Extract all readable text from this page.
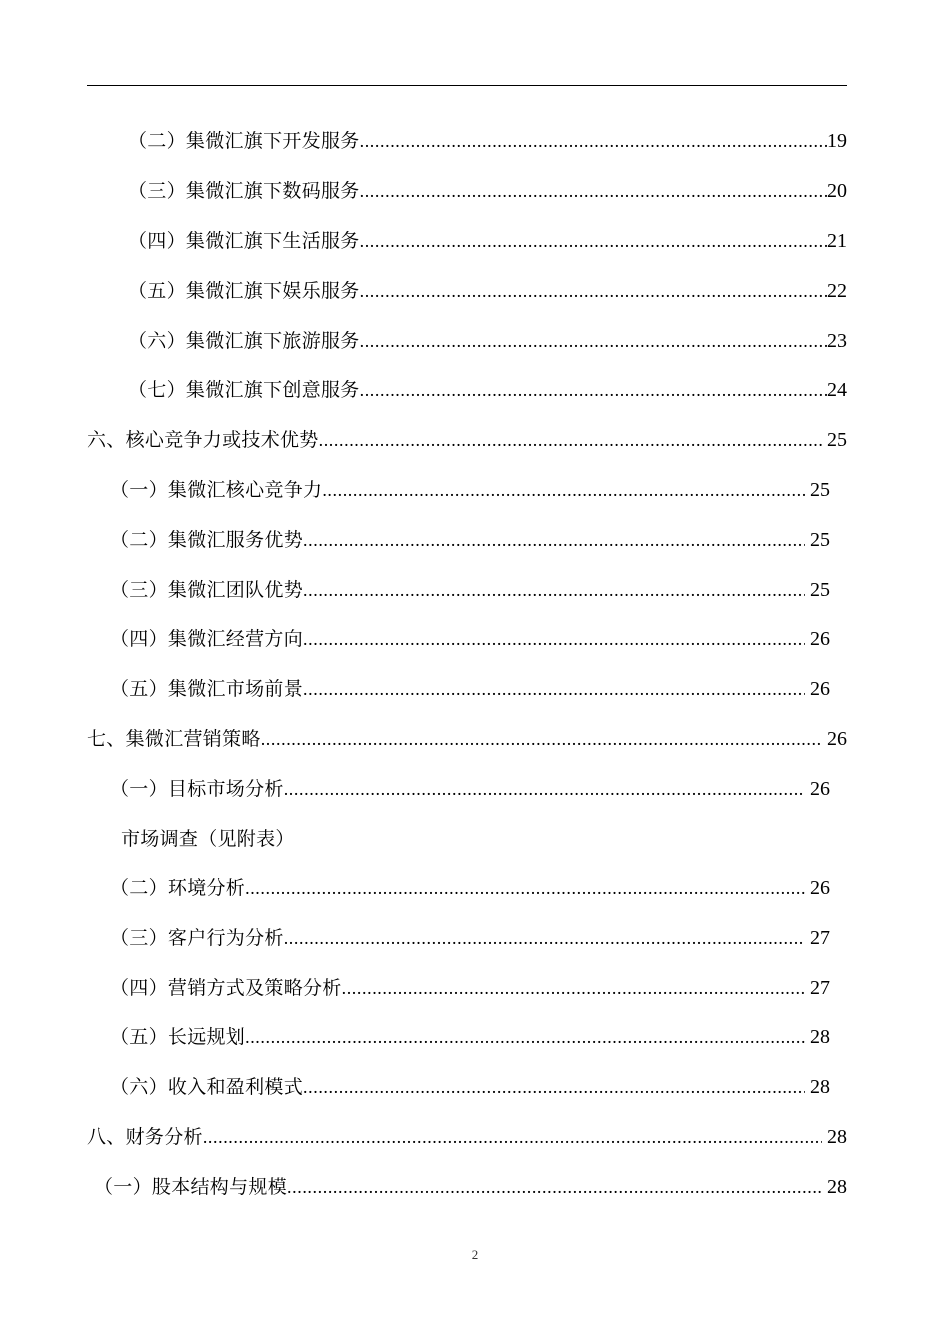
（二）集微汇旗下开发服务 .....	19
（三）集微汇旗下数码服务 .....	20
（四）集微汇旗下生活服务 .....	21
（五）集微汇旗下娱乐服务 .....	22
（六）集微汇旗下旅游服务 .....	23
（七）集微汇旗下创意服务 .....	24
六、核心竞争力或技术优势 .....	25
（一）集微汇核心竞争力 .....	25
（二）集微汇服务优势 .....	25
（三）集微汇团队优势 .....	25
（四）集微汇经营方向 .....	26
（五）集微汇市场前景 .....	26
七、集微汇营销策略 .....	26
（一）目标市场分析 .....	26
市场调查（见附表）
（二）环境分析 .....	26
（三）客户行为分析 .....	27
（四）营销方式及策略分析 .....	27
（五）长远规划 .....	28
（六）收入和盈利模式 .....	28
八、财务分析 .....	28
（一）股本结构与规模 .....	28
2
